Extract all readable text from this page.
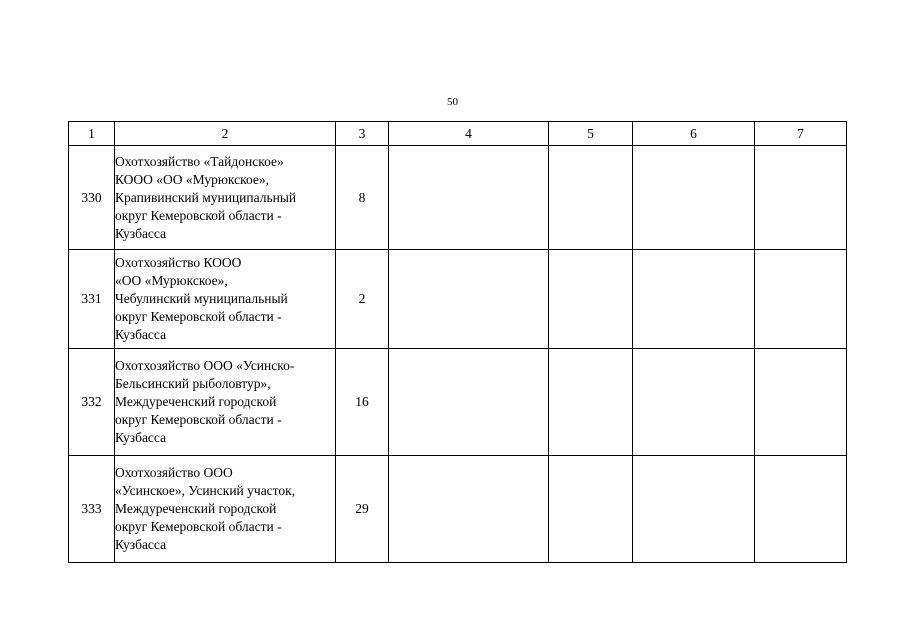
50
1	2	3	4	5	6	7
330	Охотхозяйство «Тайдонское»
КООО «ОО «Мурюкское»,
Крапивинский муниципальный
округ Кемеровской области -
Кузбасса	8				
331	Охотхозяйство КООО
«ОО «Мурюкское»,
Чебулинский муниципальный
округ Кемеровской области -
Кузбасса	2				
332	Охотхозяйство ООО «Усинско-
Бельсинский рыболовтур»,
Междуреченский городской
округ Кемеровской области -
Кузбасса	16				
333	Охотхозяйство ООО
«Усинское», Усинский участок,
Междуреченский городской
округ Кемеровской области -
Кузбасса	29				
